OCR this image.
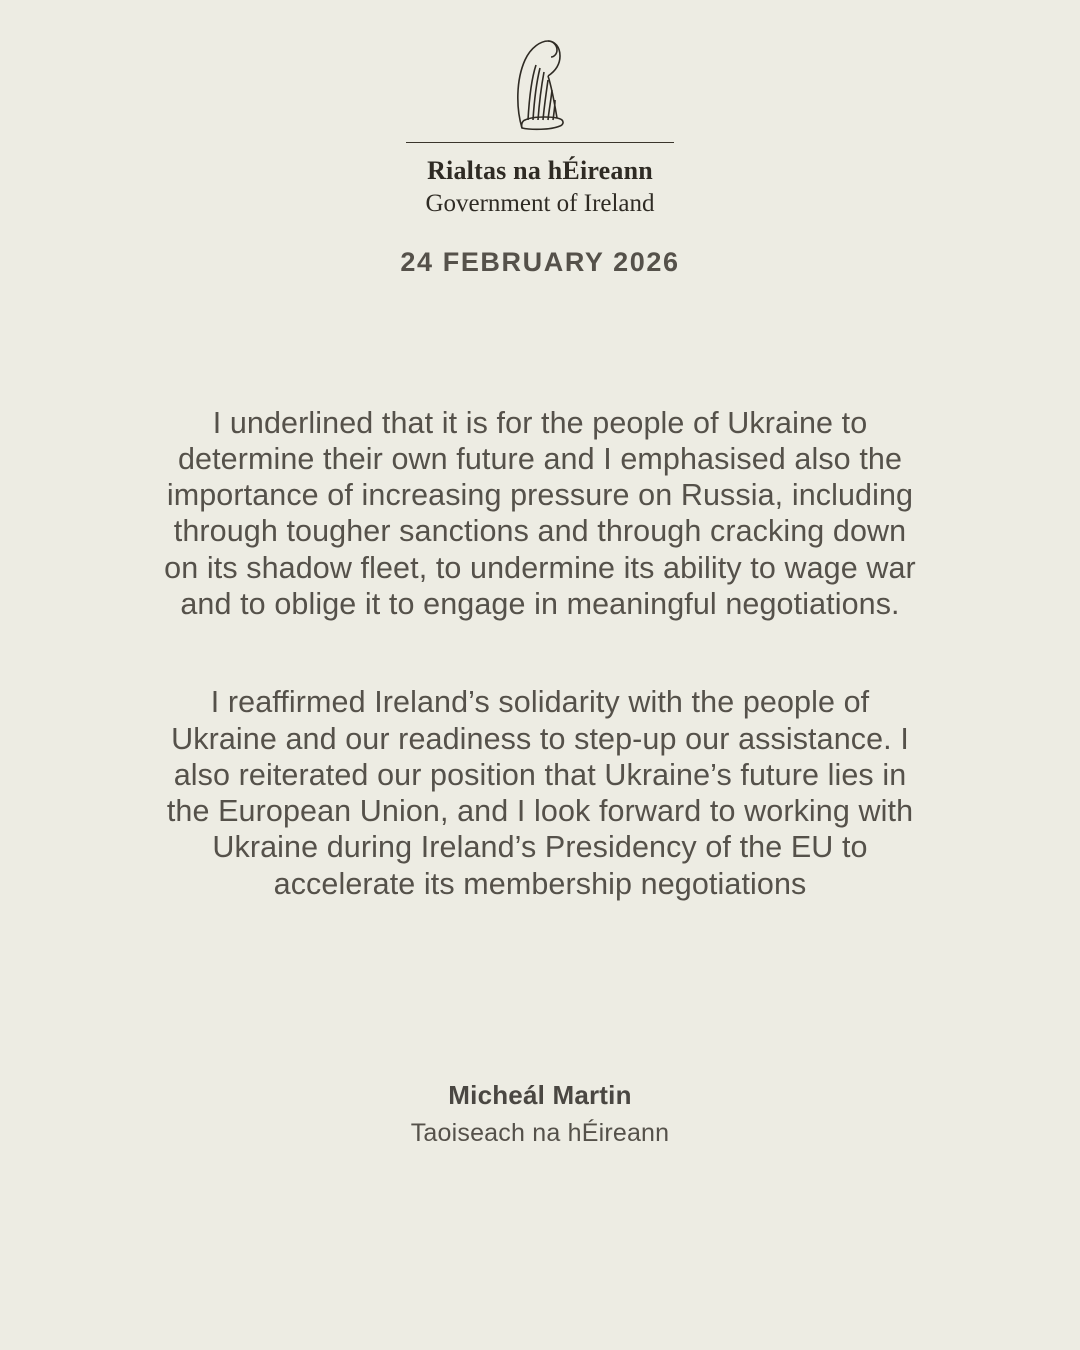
Rialtas na hÉireann
Government of Ireland
24 FEBRUARY 2026

I underlined that it is for the people of Ukraine to determine their own future and I emphasised also the importance of increasing pressure on Russia, including through tougher sanctions and through cracking down on its shadow fleet, to undermine its ability to wage war and to oblige it to engage in meaningful negotiations.

I reaffirmed Ireland’s solidarity with the people of Ukraine and our readiness to step-up our assistance. I also reiterated our position that Ukraine’s future lies in the European Union, and I look forward to working with Ukraine during Ireland’s Presidency of the EU to accelerate its membership negotiations

Micheál Martin
Taoiseach na hÉireann
